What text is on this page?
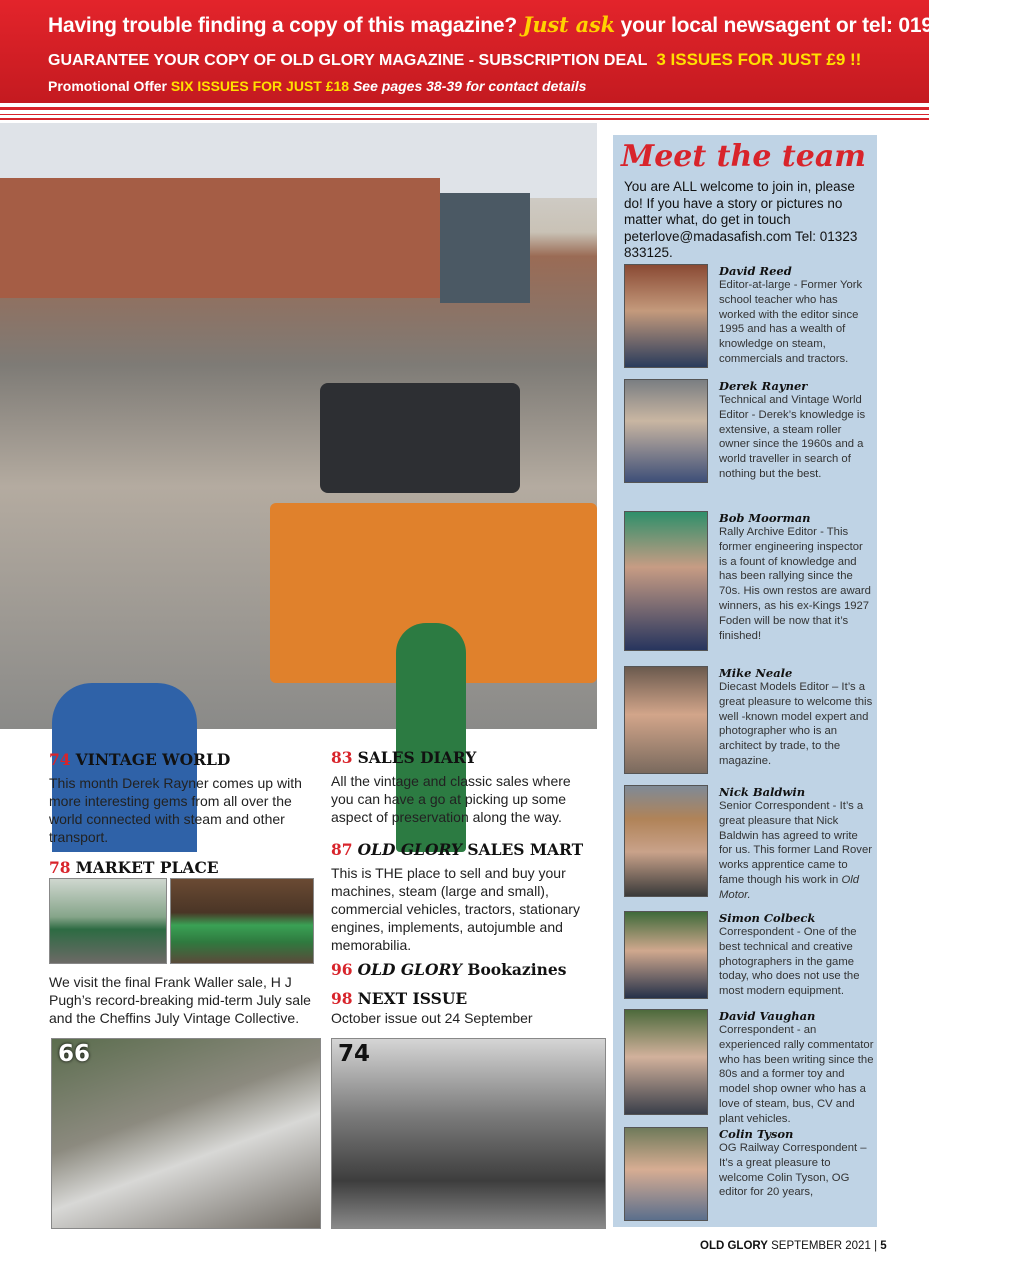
Having trouble finding a copy of this magazine? Just ask your local newsagent or tel: 01959 541444
GUARANTEE YOUR COPY OF OLD GLORY MAGAZINE - SUBSCRIPTION DEAL 3 ISSUES FOR JUST £9 !!
Promotional Offer SIX ISSUES FOR JUST £18 See pages 38-39 for contact details
74 VINTAGE WORLD
This month Derek Rayner comes up with more interesting gems from all over the world connected with steam and other transport.
78 MARKET PLACE
We visit the final Frank Waller sale, H J Pugh’s record-breaking mid-term July sale and the Cheffins July Vintage Collective.
83 SALES DIARY
All the vintage and classic sales where you can have a go at picking up some aspect of preservation along the way.
87 OLD GLORY SALES MART
This is THE place to sell and buy your machines, steam (large and small), commercial vehicles, tractors, stationary engines, implements, autojumble and memorabilia.
96 OLD GLORY Bookazines
98 NEXT ISSUE
October issue out 24 September
66	74
Meet the team
You are ALL welcome to join in, please do! If you have a story or pictures no matter what, do get in touch peterlove@madasafish.com Tel: 01323 833125.
David Reed
Editor-at-large - Former York school teacher who has worked with the editor since 1995 and has a wealth of knowledge on steam, commercials and tractors.
Derek Rayner
Technical and Vintage World Editor - Derek’s knowledge is extensive, a steam roller owner since the 1960s and a world traveller in search of nothing but the best.
Bob Moorman
Rally Archive Editor - This former engineering inspector is a fount of knowledge and has been rallying since the 70s. His own restos are award winners, as his ex-Kings 1927 Foden will be now that it’s finished!
Mike Neale
Diecast Models Editor – It’s a great pleasure to welcome this well -known model expert and photographer who is an architect by trade, to the magazine.
Nick Baldwin
Senior Correspondent - It’s a great pleasure that Nick Baldwin has agreed to write for us. This former Land Rover works apprentice came to fame though his work in Old Motor.
Simon Colbeck
Correspondent - One of the best technical and creative photographers in the game today, who does not use the most modern equipment.
David Vaughan
Correspondent - an experienced rally commentator who has been writing since the 80s and a former toy and model shop owner who has a love of steam, bus, CV and plant vehicles.
Colin Tyson
OG Railway Correspondent – It’s a great pleasure to welcome Colin Tyson, OG editor for 20 years,
OLD GLORY SEPTEMBER 2021 | 5
